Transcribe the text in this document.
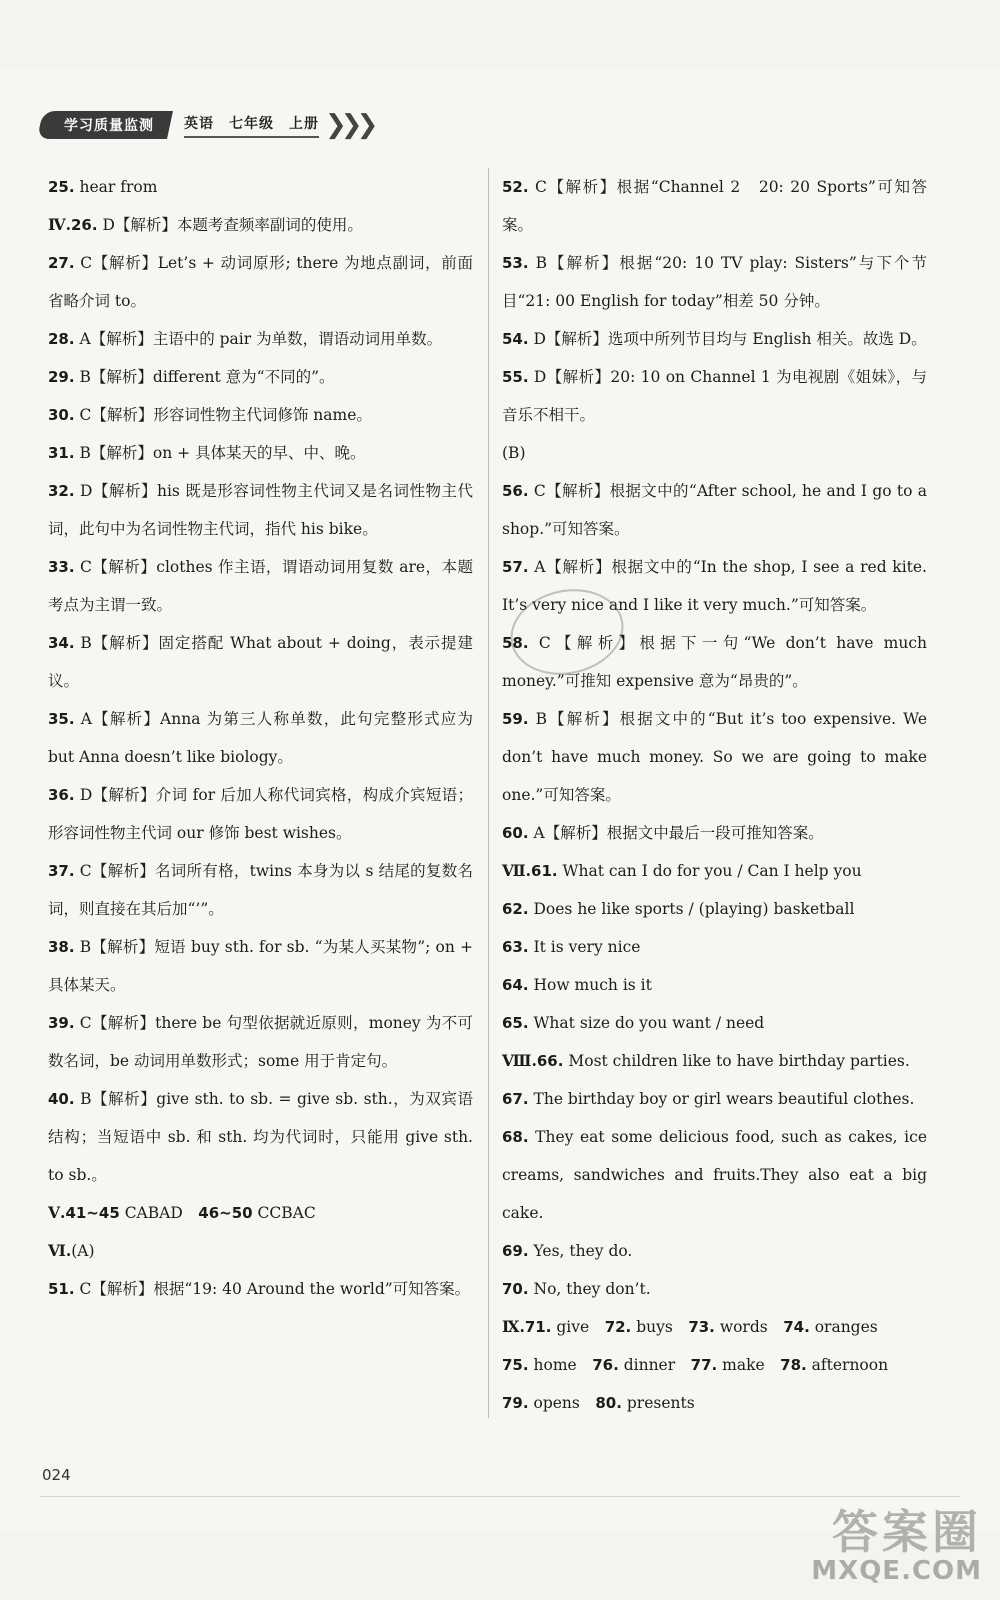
学习质量监测	英语　七年级　上册 ❯❯❯

25. hear from

Ⅳ.26. D【解析】本题考查频率副词的使用。

27. C【解析】Let’s + 动词原形; there 为地点副词，前面省略介词 to。

28. A【解析】主语中的 pair 为单数，谓语动词用单数。

29. B【解析】different 意为“不同的”。

30. C【解析】形容词性物主代词修饰 name。

31. B【解析】on + 具体某天的早、中、晚。

32. D【解析】his 既是形容词性物主代词又是名词性物主代词，此句中为名词性物主代词，指代 his bike。

33. C【解析】clothes 作主语，谓语动词用复数 are，本题考点为主谓一致。

34. B【解析】固定搭配 What about + doing，表示提建议。

35. A【解析】Anna 为第三人称单数，此句完整形式应为 but Anna doesn’t like biology。

36. D【解析】介词 for 后加人称代词宾格，构成介宾短语；形容词性物主代词 our 修饰 best wishes。

37. C【解析】名词所有格，twins 本身为以 s 结尾的复数名词，则直接在其后加“’”。

38. B【解析】短语 buy sth. for sb. “为某人买某物”; on + 具体某天。

39. C【解析】there be 句型依据就近原则，money 为不可数名词，be 动词用单数形式；some 用于肯定句。

40. B【解析】give sth. to sb. = give sb. sth.，为双宾语结构；当短语中 sb. 和 sth. 均为代词时，只能用 give sth. to sb.。

Ⅴ.41~45 CABAD　46~50 CCBAC

Ⅵ.(A)

51. C【解析】根据“19: 40 Around the world”可知答案。

52. C【解析】根据“Channel 2　20: 20 Sports”可知答案。

53. B【解析】根据“20: 10 TV play: Sisters”与下个节目“21: 00 English for today”相差 50 分钟。

54. D【解析】选项中所列节目均与 English 相关。故选 D。

55. D【解析】20: 10 on Channel 1 为电视剧《姐妹》，与音乐不相干。

(B)

56. C【解析】根据文中的“After school, he and I go to a shop.”可知答案。

57. A【解析】根据文中的“In the shop, I see a red kite. It’s very nice and I like it very much.”可知答案。

58. C【解析】根据下一句“We don’t have much money.”可推知 expensive 意为“昂贵的”。

59. B【解析】根据文中的“But it’s too expensive. We don’t have much money. So we are going to make one.”可知答案。

60. A【解析】根据文中最后一段可推知答案。

Ⅶ.61. What can I do for you / Can I help you

62. Does he like sports / (playing) basketball

63. It is very nice

64. How much is it

65. What size do you want / need

Ⅷ.66. Most children like to have birthday parties.

67. The birthday boy or girl wears beautiful clothes.

68. They eat some delicious food, such as cakes, ice creams, sandwiches and fruits.They also eat a big cake.

69. Yes, they do.

70. No, they don’t.

Ⅸ.71. give　72. buys　73. words　74. oranges

75. home　76. dinner　77. make　78. afternoon

79. opens　80. presents

024
答案圈
MXQE.COM
